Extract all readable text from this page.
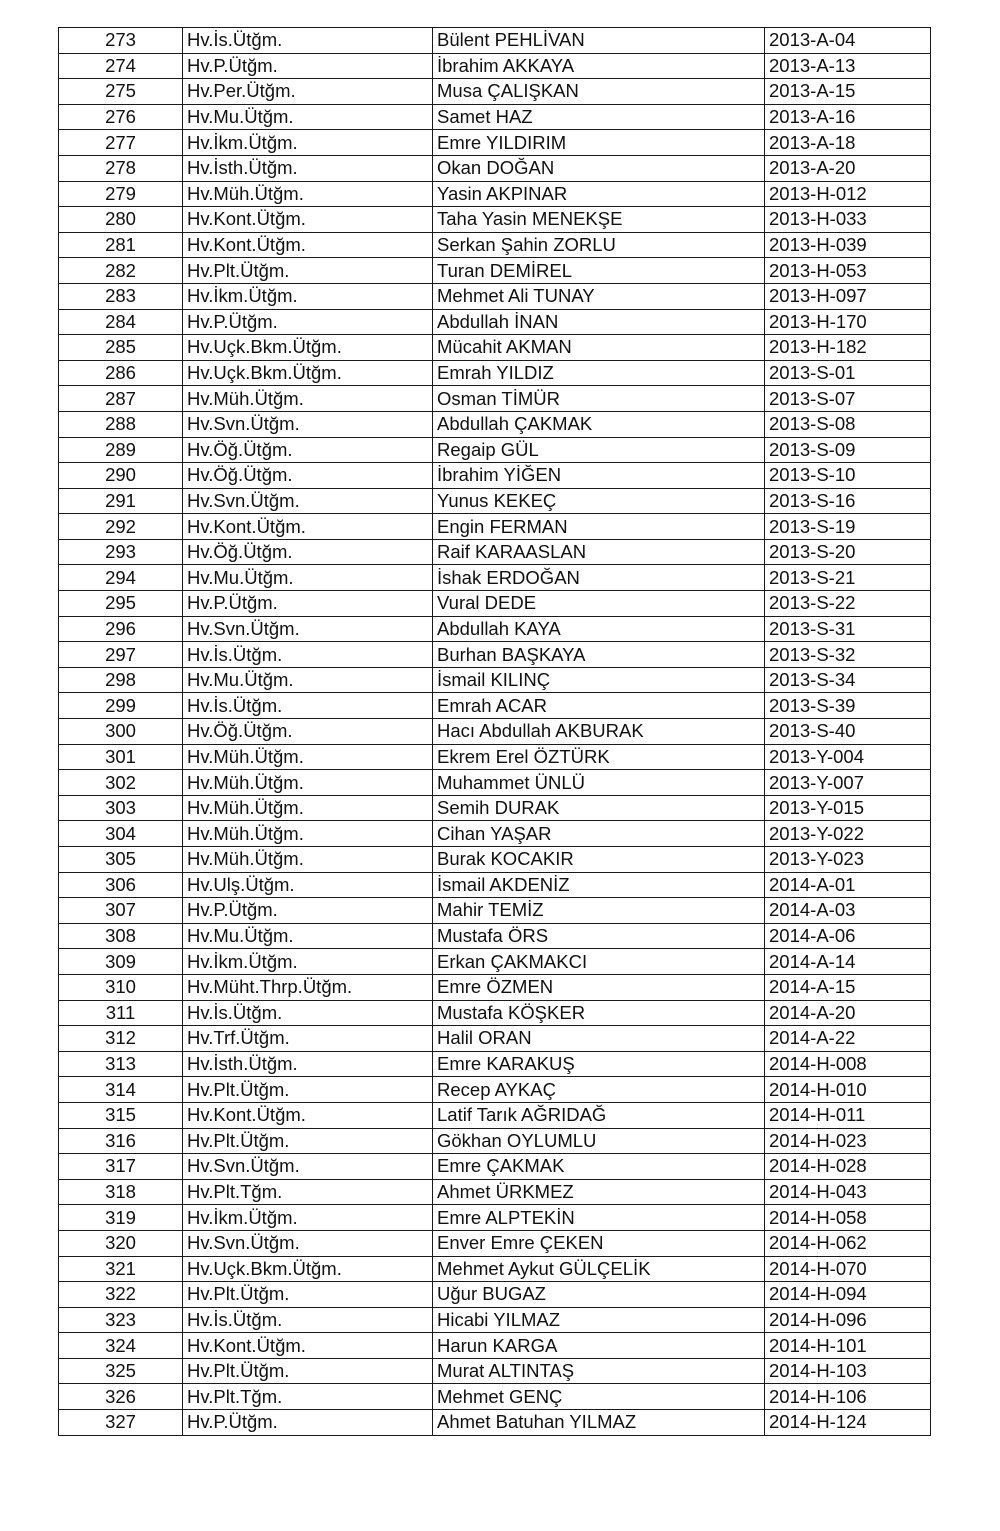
273	Hv.İs.Ütğm.	Bülent PEHLİVAN	2013-A-04
274	Hv.P.Ütğm.	İbrahim AKKAYA	2013-A-13
275	Hv.Per.Ütğm.	Musa ÇALIŞKAN	2013-A-15
276	Hv.Mu.Ütğm.	Samet HAZ	2013-A-16
277	Hv.İkm.Ütğm.	Emre YILDIRIM	2013-A-18
278	Hv.İsth.Ütğm.	Okan DOĞAN	2013-A-20
279	Hv.Müh.Ütğm.	Yasin AKPINAR	2013-H-012
280	Hv.Kont.Ütğm.	Taha Yasin MENEKŞE	2013-H-033
281	Hv.Kont.Ütğm.	Serkan Şahin ZORLU	2013-H-039
282	Hv.Plt.Ütğm.	Turan DEMİREL	2013-H-053
283	Hv.İkm.Ütğm.	Mehmet Ali TUNAY	2013-H-097
284	Hv.P.Ütğm.	Abdullah İNAN	2013-H-170
285	Hv.Uçk.Bkm.Ütğm.	Mücahit AKMAN	2013-H-182
286	Hv.Uçk.Bkm.Ütğm.	Emrah YILDIZ	2013-S-01
287	Hv.Müh.Ütğm.	Osman TİMÜR	2013-S-07
288	Hv.Svn.Ütğm.	Abdullah ÇAKMAK	2013-S-08
289	Hv.Öğ.Ütğm.	Regaip GÜL	2013-S-09
290	Hv.Öğ.Ütğm.	İbrahim YİĞEN	2013-S-10
291	Hv.Svn.Ütğm.	Yunus KEKEÇ	2013-S-16
292	Hv.Kont.Ütğm.	Engin FERMAN	2013-S-19
293	Hv.Öğ.Ütğm.	Raif KARAASLAN	2013-S-20
294	Hv.Mu.Ütğm.	İshak ERDOĞAN	2013-S-21
295	Hv.P.Ütğm.	Vural DEDE	2013-S-22
296	Hv.Svn.Ütğm.	Abdullah KAYA	2013-S-31
297	Hv.İs.Ütğm.	Burhan BAŞKAYA	2013-S-32
298	Hv.Mu.Ütğm.	İsmail KILINÇ	2013-S-34
299	Hv.İs.Ütğm.	Emrah ACAR	2013-S-39
300	Hv.Öğ.Ütğm.	Hacı Abdullah AKBURAK	2013-S-40
301	Hv.Müh.Ütğm.	Ekrem Erel ÖZTÜRK	2013-Y-004
302	Hv.Müh.Ütğm.	Muhammet ÜNLÜ	2013-Y-007
303	Hv.Müh.Ütğm.	Semih DURAK	2013-Y-015
304	Hv.Müh.Ütğm.	Cihan YAŞAR	2013-Y-022
305	Hv.Müh.Ütğm.	Burak KOCAKIR	2013-Y-023
306	Hv.Ulş.Ütğm.	İsmail AKDENİZ	2014-A-01
307	Hv.P.Ütğm.	Mahir TEMİZ	2014-A-03
308	Hv.Mu.Ütğm.	Mustafa ÖRS	2014-A-06
309	Hv.İkm.Ütğm.	Erkan ÇAKMAKCI	2014-A-14
310	Hv.Müht.Thrp.Ütğm.	Emre ÖZMEN	2014-A-15
311	Hv.İs.Ütğm.	Mustafa KÖŞKER	2014-A-20
312	Hv.Trf.Ütğm.	Halil ORAN	2014-A-22
313	Hv.İsth.Ütğm.	Emre KARAKUŞ	2014-H-008
314	Hv.Plt.Ütğm.	Recep AYKAÇ	2014-H-010
315	Hv.Kont.Ütğm.	Latif Tarık AĞRIDAĞ	2014-H-011
316	Hv.Plt.Ütğm.	Gökhan OYLUMLU	2014-H-023
317	Hv.Svn.Ütğm.	Emre ÇAKMAK	2014-H-028
318	Hv.Plt.Tğm.	Ahmet ÜRKMEZ	2014-H-043
319	Hv.İkm.Ütğm.	Emre ALPTEKİN	2014-H-058
320	Hv.Svn.Ütğm.	Enver Emre ÇEKEN	2014-H-062
321	Hv.Uçk.Bkm.Ütğm.	Mehmet Aykut GÜLÇELİK	2014-H-070
322	Hv.Plt.Ütğm.	Uğur BUGAZ	2014-H-094
323	Hv.İs.Ütğm.	Hicabi YILMAZ	2014-H-096
324	Hv.Kont.Ütğm.	Harun KARGA	2014-H-101
325	Hv.Plt.Ütğm.	Murat ALTINTAŞ	2014-H-103
326	Hv.Plt.Tğm.	Mehmet GENÇ	2014-H-106
327	Hv.P.Ütğm.	Ahmet Batuhan YILMAZ	2014-H-124
